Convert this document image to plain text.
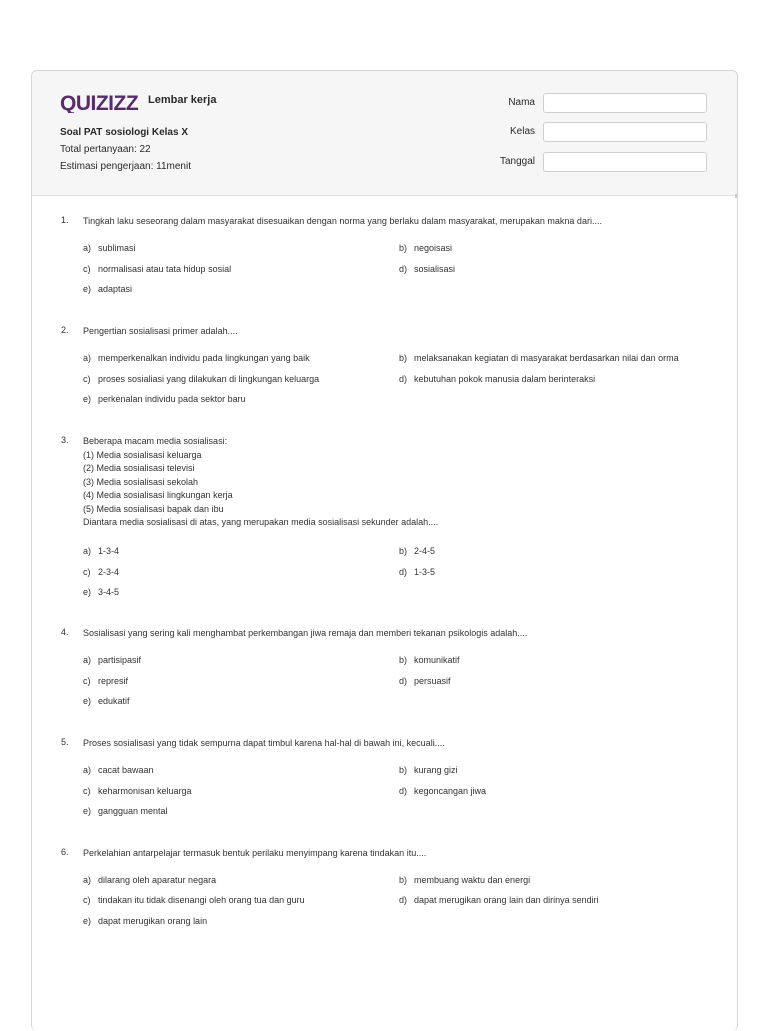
QUIZIZZ Lembar kerja
Soal PAT sosiologi Kelas X
Total pertanyaan: 22
Estimasi pengerjaan: 11menit
Nama
Kelas
Tanggal
1. Tingkah laku seseorang dalam masyarakat disesuaikan dengan norma yang berlaku dalam masyarakat, merupakan makna dari....
a) sublimasi	b) negoisasi
c) normalisasi atau tata hidup sosial	d) sosialisasi
e) adaptasi
2. Pengertian sosialisasi primer adalah....
a) memperkenalkan individu pada lingkungan yang baik	b) melaksanakan kegiatan di masyarakat berdasarkan nilai dan orma
c) proses sosialiasi yang dilakukan di lingkungan keluarga	d) kebutuhan pokok manusia dalam berinteraksi
e) perkenalan individu pada sektor baru
3. Beberapa macam media sosialisasi:
(1) Media sosialisasi keluarga
(2) Media sosialisasi televisi
(3) Media sosialisasi sekolah
(4) Media sosialisasi lingkungan kerja
(5) Media sosialisasi bapak dan ibu
Diantara media sosialisasi di atas, yang merupakan media sosialisasi sekunder adalah....
a) 1-3-4	b) 2-4-5
c) 2-3-4	d) 1-3-5
e) 3-4-5
4. Sosialisasi yang sering kali menghambat perkembangan jiwa remaja dan memberi tekanan psikologis adalah....
a) partisipasif	b) komunikatif
c) represif	d) persuasif
e) edukatif
5. Proses sosialisasi yang tidak sempurna dapat timbul karena hal-hal di bawah ini, kecuali....
a) cacat bawaan	b) kurang gizi
c) keharmonisan keluarga	d) kegoncangan jiwa
e) gangguan mental
6. Perkelahian antarpelajar termasuk bentuk perilaku menyimpang karena tindakan itu....
a) dilarang oleh aparatur negara	b) membuang waktu dan energi
c) tindakan itu tidak disenangi oleh orang tua dan guru	d) dapat merugikan orang lain dan dirinya sendiri
e) dapat merugikan orang lain
